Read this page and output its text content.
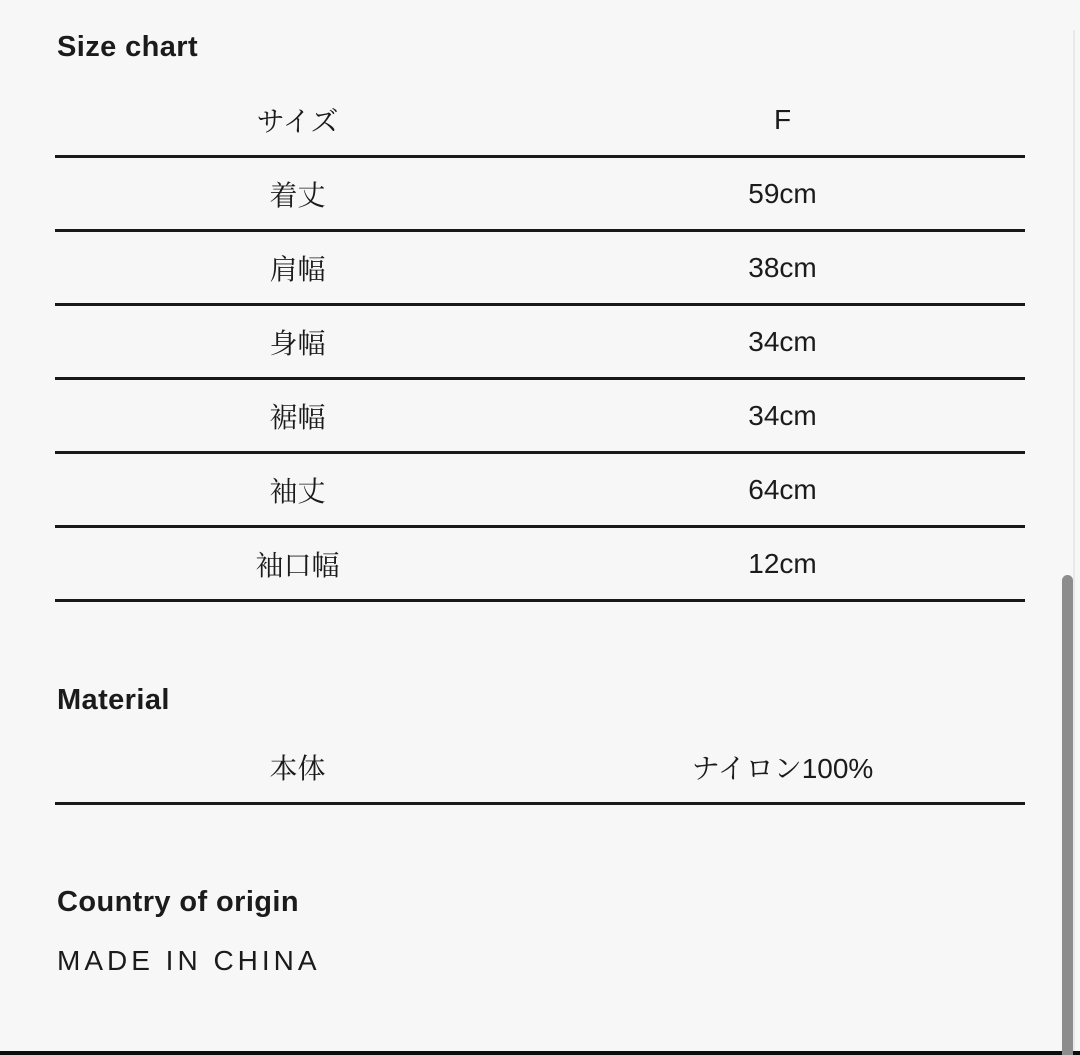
Size chart
サイズ	F
着丈	59cm
肩幅	38cm
身幅	34cm
裾幅	34cm
袖丈	64cm
袖口幅	12cm
Material
本体	ナイロン100%
Country of origin
MADE IN CHINA
